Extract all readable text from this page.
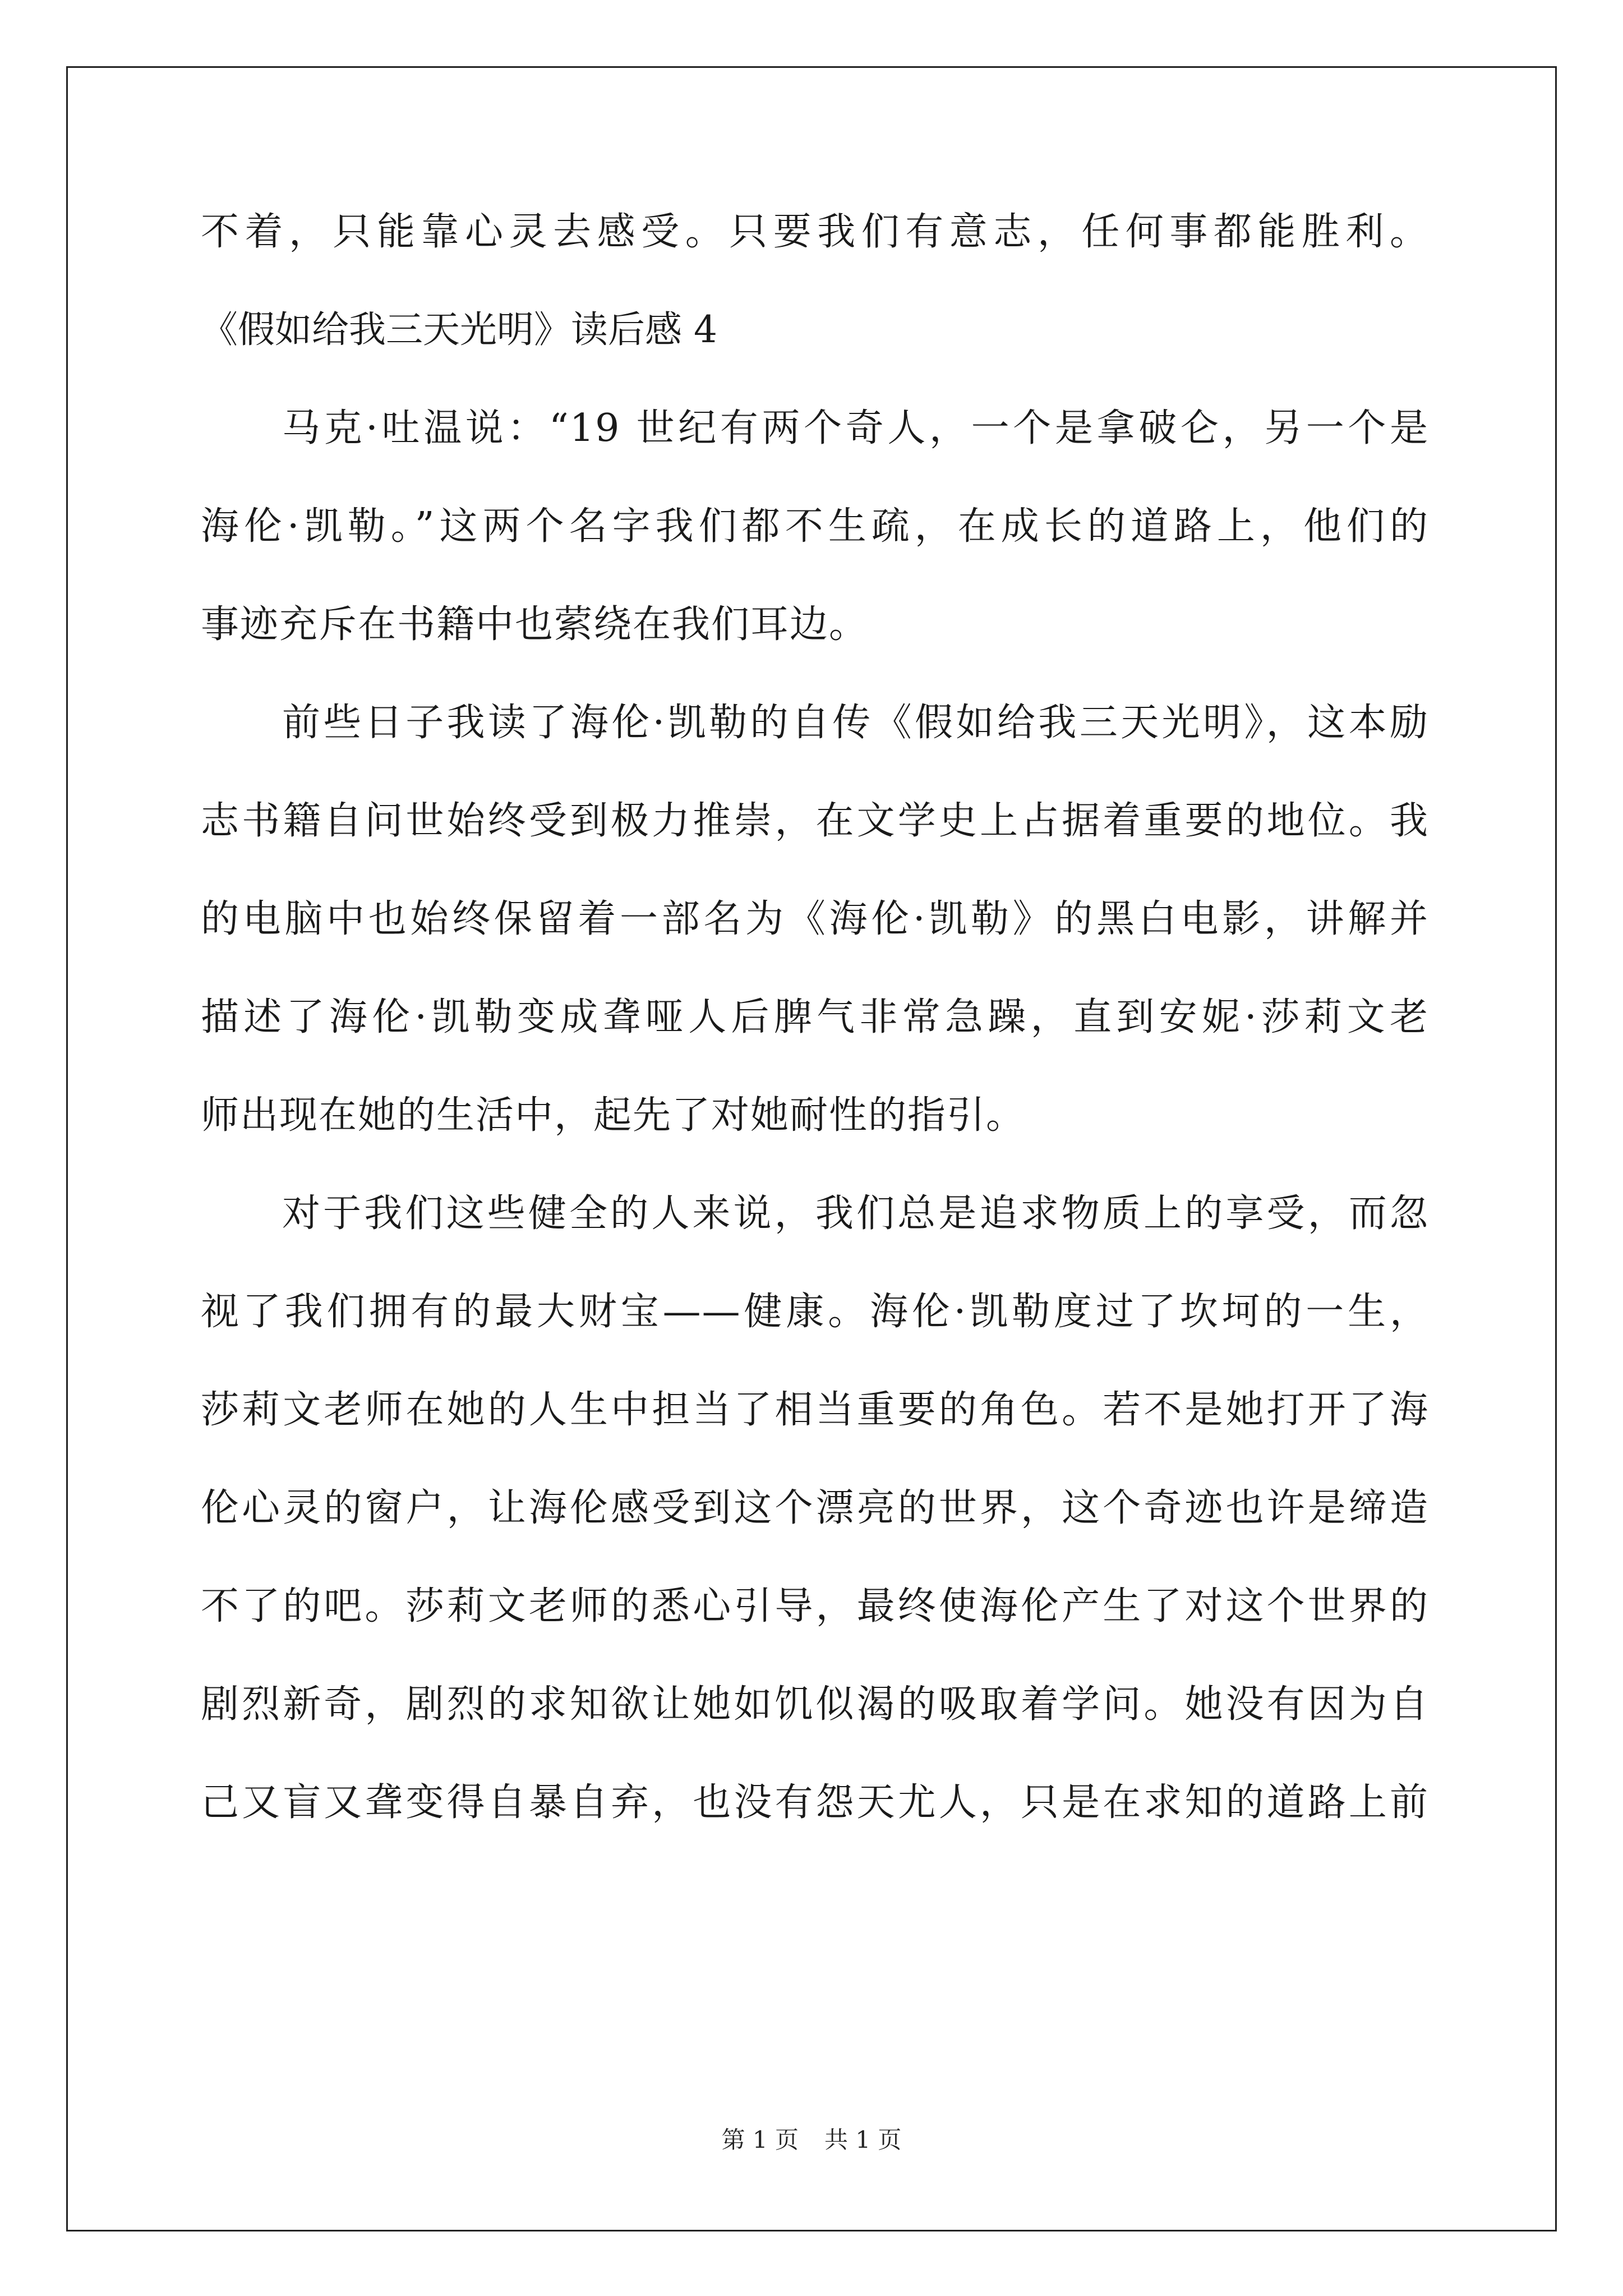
不着，只能靠心灵去感受。只要我们有意志，任何事都能胜利。
《假如给我三天光明》读后感 4
马克·吐温说：“19 世纪有两个奇人，一个是拿破仑，另一个是
海伦·凯勒。”这两个名字我们都不生疏，在成长的道路上，他们的
事迹充斥在书籍中也萦绕在我们耳边。
前些日子我读了海伦·凯勒的自传《假如给我三天光明》，这本励
志书籍自问世始终受到极力推崇，在文学史上占据着重要的地位。我
的电脑中也始终保留着一部名为《海伦·凯勒》的黑白电影，讲解并
描述了海伦·凯勒变成聋哑人后脾气非常急躁，直到安妮·莎莉文老
师出现在她的生活中，起先了对她耐性的指引。
对于我们这些健全的人来说，我们总是追求物质上的享受，而忽
视了我们拥有的最大财宝——健康。海伦·凯勒度过了坎坷的一生，
莎莉文老师在她的人生中担当了相当重要的角色。若不是她打开了海
伦心灵的窗户，让海伦感受到这个漂亮的世界，这个奇迹也许是缔造
不了的吧。莎莉文老师的悉心引导，最终使海伦产生了对这个世界的
剧烈新奇，剧烈的求知欲让她如饥似渴的吸取着学问。她没有因为自
己又盲又聋变得自暴自弃，也没有怨天尤人，只是在求知的道路上前
第 1 页 共 1 页
